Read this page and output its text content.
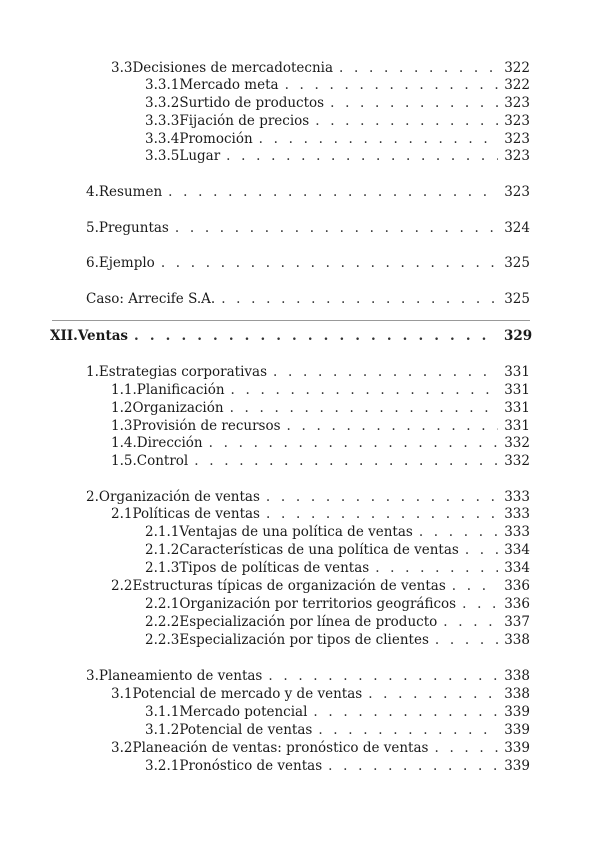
3.3 Decisiones de mercadotecnia . . .	322
3.3.1 Mercado meta . . .	322
3.3.2 Surtido de productos . . .	323
3.3.3 Fijación de precios . . .	323
3.3.4 Promoción . . .	323
3.3.5 Lugar . . .	323
4. Resumen . . .	323
5. Preguntas . . .	324
6. Ejemplo . . .	325
Caso: Arrecife S.A. . . .	325
XII. Ventas . . .	329
1. Estrategias corporativas . . .	331
1.1. Planificación . . .	331
1.2 Organización . . .	331
1.3 Provisión de recursos . . .	331
1.4. Dirección . . .	332
1.5. Control . . .	332
2. Organización de ventas . . .	333
2.1 Políticas de ventas . . .	333
2.1.1 Ventajas de una política de ventas . . .	333
2.1.2 Características de una política de ventas . . .	334
2.1.3 Tipos de políticas de ventas . . .	334
2.2 Estructuras típicas de organización de ventas . . .	336
2.2.1 Organización por territorios geográficos . . .	336
2.2.2 Especialización por línea de producto . . .	337
2.2.3 Especialización por tipos de clientes . . .	338
3. Planeamiento de ventas . . .	338
3.1 Potencial de mercado y de ventas . . .	338
3.1.1 Mercado potencial . . .	339
3.1.2 Potencial de ventas . . .	339
3.2 Planeación de ventas: pronóstico de ventas . . .	339
3.2.1 Pronóstico de ventas . . .	339
